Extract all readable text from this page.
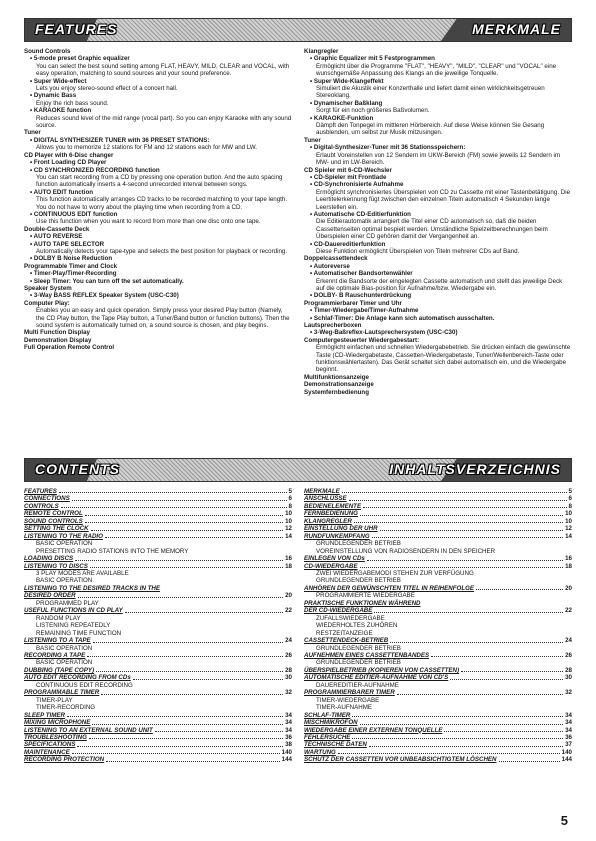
FEATURES	MERKMALE
Sound Controls
• 5-mode preset Graphic equalizer
You can select the best sound setting among FLAT, HEAVY, MILD, CLEAR and VOCAL, with easy operation, matching to sound sources and your sound preference.
• Super Wide-effect
Lets you enjoy stereo-sound effect of a concert hall.
• Dynamic Bass
Enjoy the rich bass sound.
• KARAOKE function
Reduces sound level of the mid range (vocal part). So you can enjoy Karaoke with any sound source.
Tuner
• DIGITAL SYNTHESIZER TUNER with 36 PRESET STATIONS:
Allows you to memorize 12 stations for FM and 12 stations each for MW and LW.
CD Player with 6-Disc changer
• Front Loading CD Player
• CD SYNCHRONIZED RECORDING function
You can start recording from a CD by pressing one operation button. And the auto spacing function automatically inserts a 4-second unrecorded interval between songs.
• AUTO EDIT function
This function automatically arranges CD tracks to be recorded matching to your tape length. You do not have to worry about the playing time when recording from a CD.
• CONTINUOUS EDIT function
Use this function when you want to record from more than one disc onto one tape.
Double-Cassette Deck
• AUTO REVERSE
• AUTO TAPE SELECTOR
Automatically detects your tape-type and selects the best position for playback or recording.
• DOLBY B Noise Reduction
Programmable Timer and Clock
• Timer-Play/Timer-Recording
• Sleep Timer: You can turn off the set automatically.
Speaker System
• 3-Way BASS REFLEX Speaker System (USC-C30)
Computer Play:
Enables you an easy and quick operation. Simply press your desired Play button (Namely, the CD Play button, the Tape Play button, a Tuner/Band button or function buttons). Then the sound system is automatically turned on, a sound source is chosen, and play begins.
Multi Function Display
Demonstration Display
Full Operation Remote Control
Klangregler
• Graphic Equalizer mit 5 Festprogrammen
Ermöglicht über die Programme "FLAT", "HEAVY", "MILD", "CLEAR" und "VOCAL" eine wunschgemäße Anpassung des Klangs an die jeweilige Tonquelle.
• Super Wide-Klangeffekt
Simuliert die Akustik einer Konzerthalle und liefert damit einen wirklichkeitsgetreuen Stereoklang.
• Dynamischer Baßklang
Sorgt für ein noch größeres Baßvolumen.
• KARAOKE-Funktion
Dämpft den Tonpegel im mittleren Hörbereich. Auf diese Weise können Sie Gesang ausblenden, um selbst zur Musik mitzusingen.
Tuner
• Digital-Synthesizer-Tuner mit 36 Stationsspeichern:
Erlaubt Voreinstellen von 12 Sendern im UKW-Bereich (FM) sowie jeweils 12 Sendern im MW- und im LW-Bereich.
CD Spieler mit 6-CD-Wechsler
• CD-Spieler mit Frontlade
• CD-Synchronisierte Aufnahme
Ermöglicht synchronisiertes Überspielen von CD zu Cassette mit einer Tastenbetätigung. Die Leertitelerkennung fügt zwischen den einzelnen Titeln automatisch 4 Sekunden lange Leerstellen ein.
• Automatische CD-Editierfunktion
Die Editierautomatik arrangiert die Titel einer CD automatisch so, daß die beiden Cassettenseiten optimal bespielt werden. Umständliche Spielzeitberechnungen beim Überspielen einer CD gehören damit der Vergangenheit an.
• CD-Dauereditierfunktion
Diese Funktion ermöglicht Überspielen von Titeln mehrerer CDs auf Band.
Doppelcassettendeck
• Autoreverse
• Automatischer Bandsortenwähler
Erkennt die Bandsorte der eingelegten Cassette automatisch und stellt das jeweilige Deck auf die optimale Bias-position für Aufnahme/bzw. Wiedergabe ein.
• DOLBY- B Rauschunterdrückung
Programmierbarer Timer und Uhr
• Timer-Wiedergabe/Timer-Aufnahme
• Schlaf-Timer: Die Anlage kann sich automatisch ausschalten.
Lautsprecherboxen
• 3-Weg-Baßreflex-Lautsprechersystem (USC-C30)
Computergesteuerter Wiedergabestart:
Ermöglicht einfachen und schnellen Wiedergabebetrieb. Sie drücken einfach die gewünschte Taste (CD-Wiedergabetaste, Cassetten-Wiedergabetaste, Tuner/Wellenbereich-Taste oder funktionswählertasten). Das Gerät schaltet sich dabei automatisch ein, und die Wiedergabe beginnt.
Multifunktionsanzeige
Demonstrationsanzeige
Systemfernbedienung
CONTENTS	INHALTSVERZEICHNIS
FEATURES	5
CONNECTIONS	6
CONTROLS	8
REMOTE CONTROL	10
SOUND CONTROLS	10
SETTING THE CLOCK	12
LISTENING TO THE RADIO	14
BASIC OPERATION
PRESETTING RADIO STATIONS INTO THE MEMORY
LOADING DISCS	16
LISTENING TO DISCS	18
3 PLAY MODES ARE AVAILABLE
BASIC OPERATION
LISTENING TO THE DESIRED TRACKS IN THE
DESIRED ORDER	20
PROGRAMMED PLAY
USEFUL FUNCTIONS IN CD PLAY	22
RANDOM PLAY
LISTENING REPEATEDLY
REMAINING TIME FUNCTION
LISTENING TO A TAPE	24
BASIC OPERATION
RECORDING A TAPE	26
BASIC OPERATION
DUBBING (TAPE COPY)	28
AUTO EDIT RECORDING FROM CDs	30
CONTINUOUS EDIT RECORDING
PROGRAMMABLE TIMER	32
TIMER-PLAY
TIMER-RECORDING
SLEEP TIMER	34
MIXING MICROPHONE	34
LISTENING TO AN EXTERNAL SOUND UNIT	34
TROUBLESHOOTING	36
SPECIFICATIONS	38
MAINTENANCE	140
RECORDING PROTECTION	144
MERKMALE	5
ANSCHLÜSSE	6
BEDIENELEMENTE	8
FERNBEDIENUNG	10
KLANGREGLER	10
EINSTELLUNG DER UHR	12
RUNDFUNKEMPFANG	14
GRUNDLEGENDER BETRIEB
VOREINSTELLUNG VON RADIOSENDERN IN DEN SPEICHER
EINLEGEN VON CDs	16
CD-WIEDERGABE	18
ZWEI WIEDERGABEMODI STEHEN ZUR VERFÜGUNG
GRUNDLEGENDER BETRIEB
ANHÖREN DER GEWÜNSCHTEN TITEL IN REIHENFOLGE	20
PROGRAMMIERTE WIEDERGABE
PRAKTISCHE FUNKTIONEN WÄHREND
DER CD-WIEDERGABE	22
ZUFALLSWIEDERGABE
WIEDERHOLTES ZUHÖREN
RESTZEITANZEIGE
CASSETTENDECK-BETRIEB	24
GRUNDLEGENDER BETRIEB
AUFNEHMEN EINES CASSETTENBANDES	26
GRUNDLEGENDER BETRIEB
ÜBERSPIELBETRIEB (KOPIEREN VON CASSETTEN)	28
AUTOMATISCHE EDITIER-AUFNAHME VON CD'S	30
DAUEREDITIER-AUFNAHME
PROGRAMMIERBARER TIMER	32
TIMER-WIEDERGABE
TIMER-AUFNAHME
SCHLAF-TIMER	34
MISCHMIKROFON	34
WIEDERGABE EINER EXTERNEN TONQUELLE	34
FEHLERSUCHE	36
TECHNISCHE DATEN	37
WARTUNG	140
SCHUTZ DER CASSETTEN VOR UNBEABSICHTIGTEM LÖSCHEN	144
5
